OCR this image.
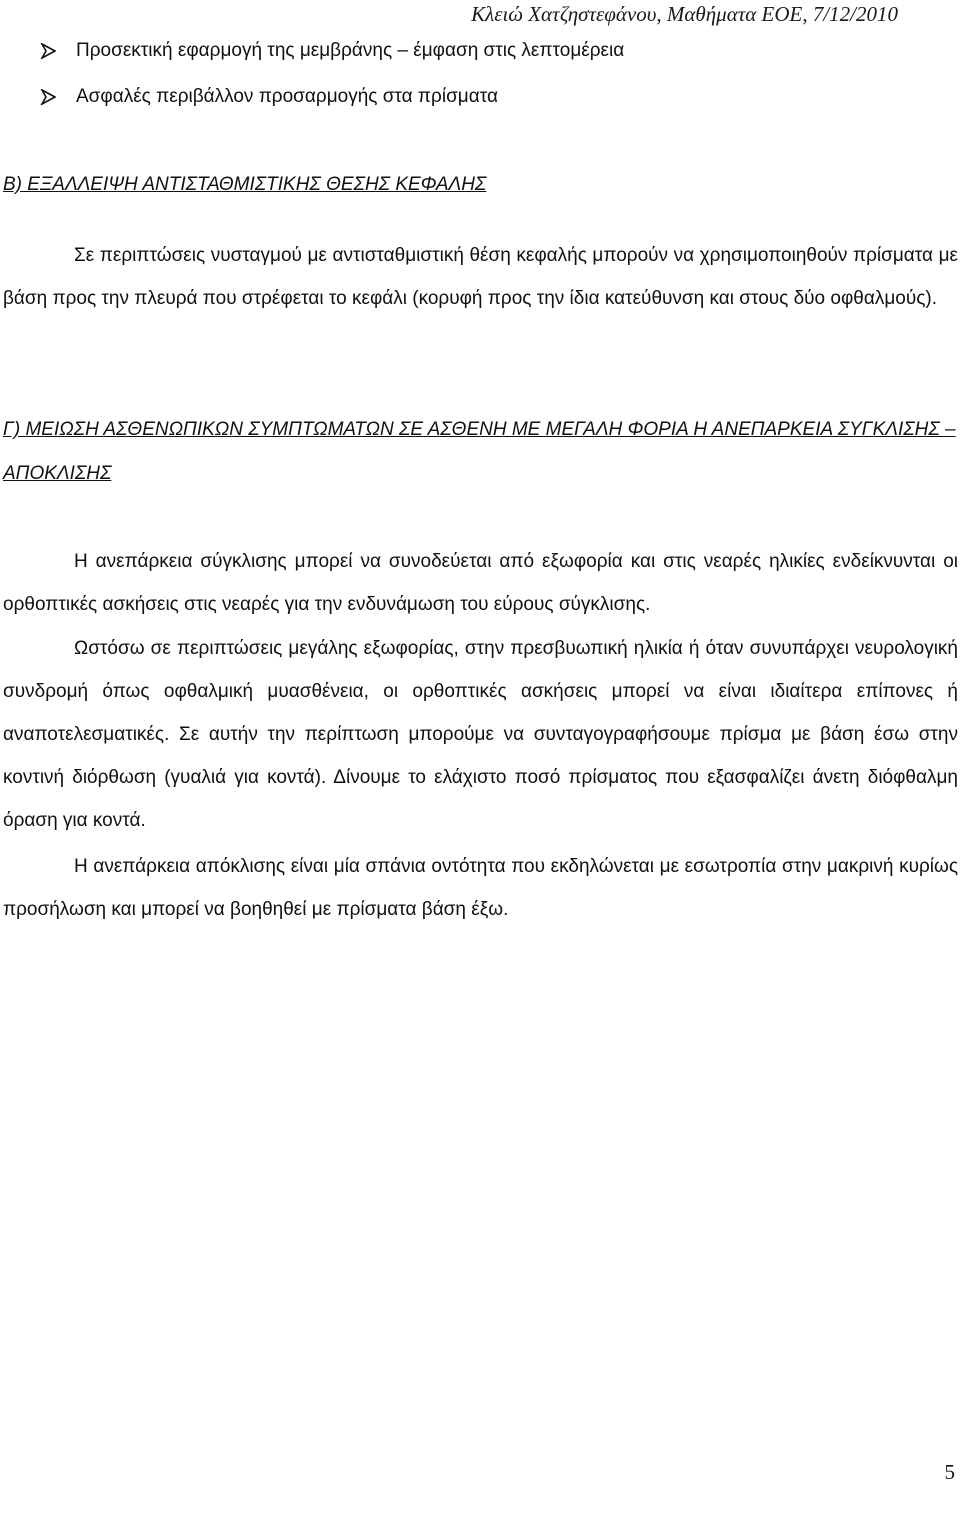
Κλειώ Χατζηστεφάνου, Μαθήματα ΕΟΕ, 7/12/2010
Προσεκτική εφαρμογή της μεμβράνης – έμφαση στις λεπτομέρεια
Ασφαλές περιβάλλον προσαρμογής στα πρίσματα
Β) ΕΞΑΛΛΕΙΨΗ ΑΝΤΙΣΤΑΘΜΙΣΤΙΚΗΣ ΘΕΣΗΣ ΚΕΦΑΛΗΣ

Σε περιπτώσεις νυσταγμού με αντισταθμιστική θέση κεφαλής μπορούν να χρησιμοποιηθούν πρίσματα με βάση προς την πλευρά που στρέφεται το κεφάλι (κορυφή προς την ίδια κατεύθυνση και στους δύο οφθαλμούς).

Γ) ΜΕΙΩΣΗ ΑΣΘΕΝΩΠΙΚΩΝ ΣΥΜΠΤΩΜΑΤΩΝ ΣΕ ΑΣΘΕΝΗ ΜΕ ΜΕΓΑΛΗ ΦΟΡΙΑ Η ΑΝΕΠΑΡΚΕΙΑ ΣΥΓΚΛΙΣΗΣ – ΑΠΟΚΛΙΣΗΣ

Η ανεπάρκεια σύγκλισης μπορεί να συνοδεύεται από εξωφορία και στις νεαρές ηλικίες ενδείκνυνται οι ορθοπτικές ασκήσεις στις νεαρές για την ενδυνάμωση του εύρους σύγκλισης.

Ωστόσω σε περιπτώσεις μεγάλης εξωφορίας, στην πρεσβυωπική ηλικία ή όταν συνυπάρχει νευρολογική συνδρομή όπως οφθαλμική μυασθένεια, οι ορθοπτικές ασκήσεις μπορεί να είναι ιδιαίτερα επίπονες ή αναποτελεσματικές. Σε αυτήν την περίπτωση μπορούμε να συνταγογραφήσουμε πρίσμα με βάση έσω στην κοντινή διόρθωση (γυαλιά για κοντά). Δίνουμε το ελάχιστο ποσό πρίσματος που εξασφαλίζει άνετη διόφθαλμη όραση για κοντά.

Η ανεπάρκεια απόκλισης είναι μία σπάνια οντότητα που εκδηλώνεται με εσωτροπία στην μακρινή κυρίως προσήλωση και μπορεί να βοηθηθεί με πρίσματα βάση έξω.

5
